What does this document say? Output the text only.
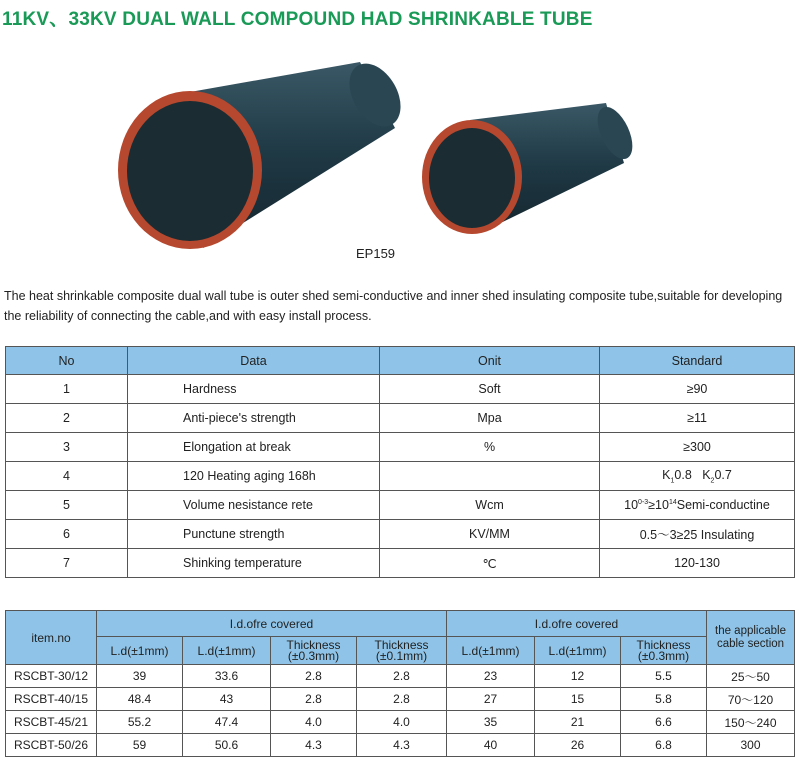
11KV、33KV DUAL WALL COMPOUND HAD SHRINKABLE TUBE
EP159
The heat shrinkable composite dual wall tube is outer shed semi-conductive and inner shed insulating composite tube,suitable for developing the reliability of connecting the cable,and with easy install process.
No	Data	Onit	Standard
1	Hardness	Soft	≥90
2	Anti-piece's strength	Mpa	≥11
3	Elongation at break	%	≥300
4	120 Heating aging 168h		$K_10.8$ $K_20.7$
5	Volume nesistance rete	Wcm	$10^{0-3}\ge 10^{14}Semi$-conductine
6	Punctune strength	KV/MM	0.5～3≥25 Insulating
7	Shinking temperature	℃	120-130
item.no	I.d.ofre covered				I.d.ofre covered			the applicable cable section
	L.d(±1mm)	L.d(±1mm)	Thickness (±0.3mm)	Thickness (±0.1mm)	L.d(±1mm)	L.d(±1mm)	Thickness (±0.3mm)	
RSCBT-30/12	39	33.6	2.8	2.8	23	12	5.5	25～50
RSCBT-40/15	48.4	43	2.8	2.8	27	15	5.8	70～120
RSCBT-45/21	55.2	47.4	4.0	4.0	35	21	6.6	150～240
RSCBT-50/26	59	50.6	4.3	4.3	40	26	6.8	300
